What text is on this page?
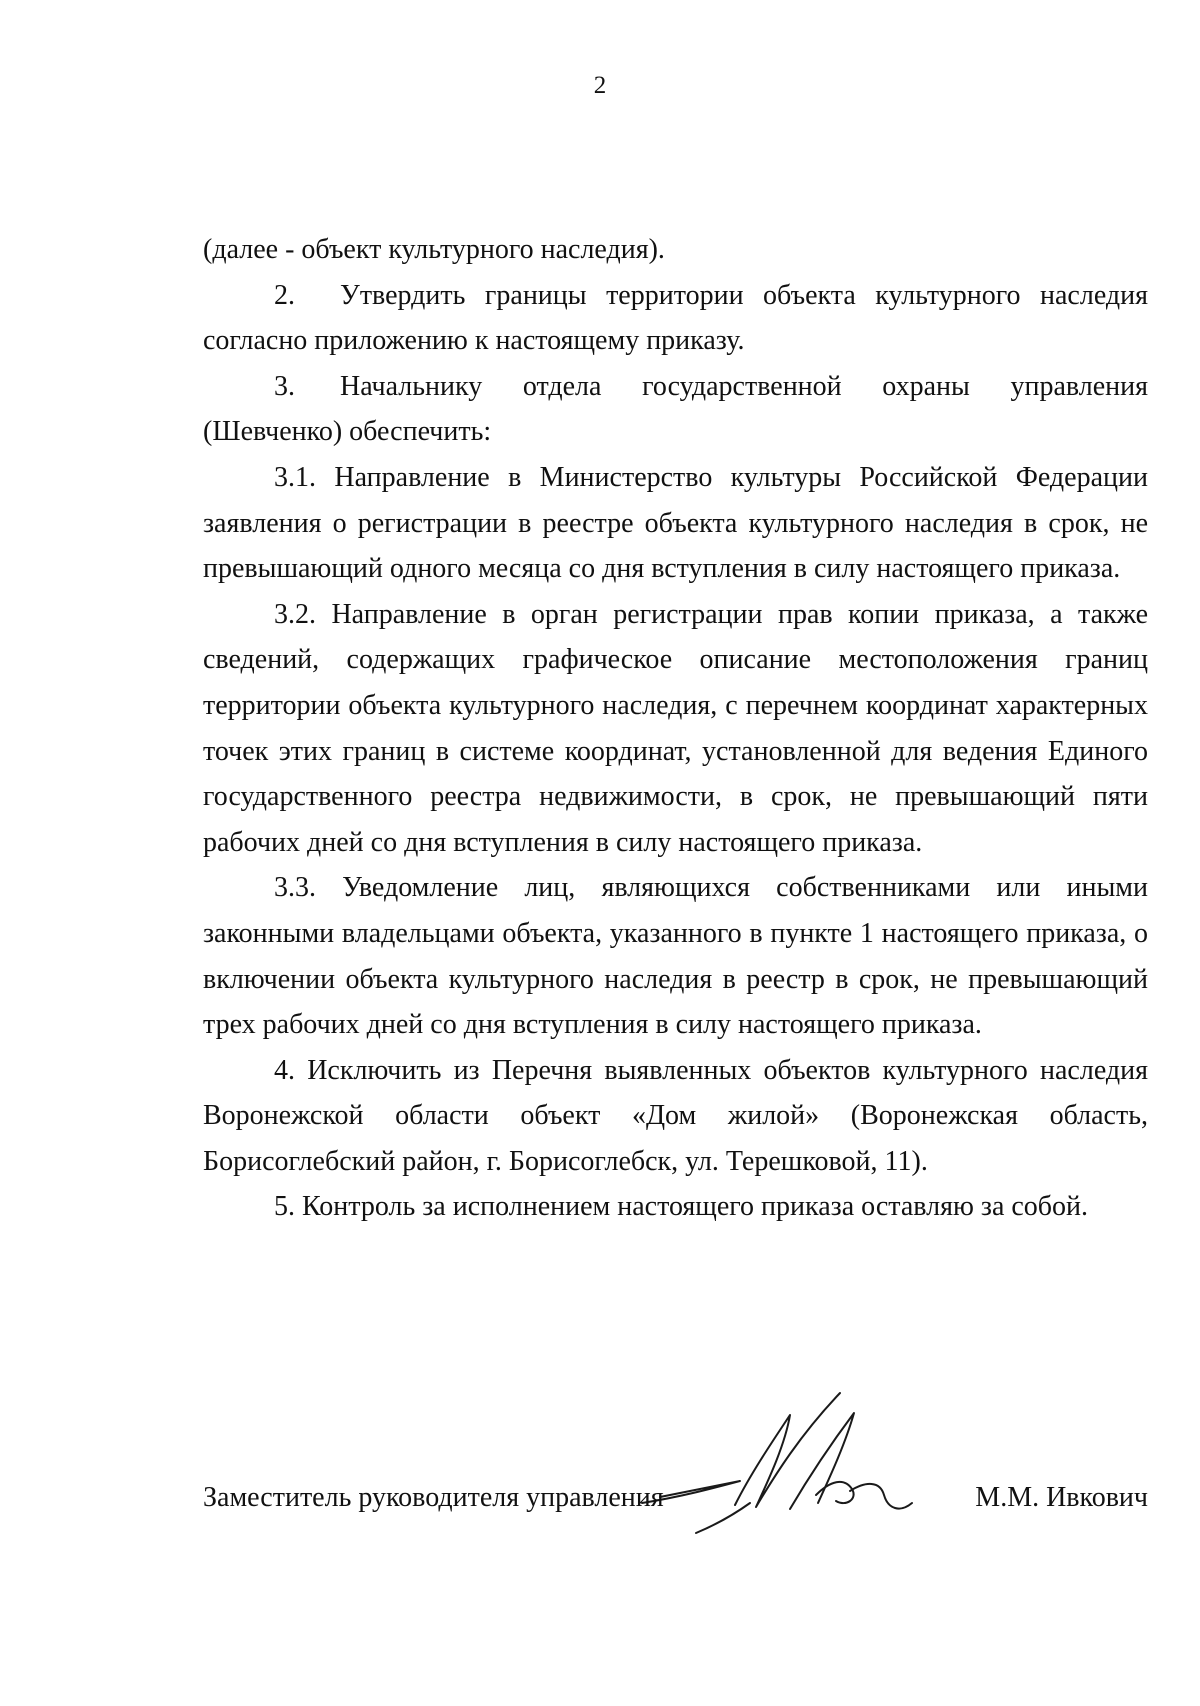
2

(далее - объект культурного наследия).

2. Утвердить границы территории объекта культурного наследия согласно приложению к настоящему приказу.

3. Начальнику отдела государственной охраны управления (Шевченко) обеспечить:

3.1. Направление в Министерство культуры Российской Федерации заявления о регистрации в реестре объекта культурного наследия в срок, не превышающий одного месяца со дня вступления в силу настоящего приказа.

3.2. Направление в орган регистрации прав копии приказа, а также сведений, содержащих графическое описание местоположения границ территории объекта культурного наследия, с перечнем координат характерных точек этих границ в системе координат, установленной для ведения Единого государственного реестра недвижимости, в срок, не превышающий пяти рабочих дней со дня вступления в силу настоящего приказа.

3.3. Уведомление лиц, являющихся собственниками или иными законными владельцами объекта, указанного в пункте 1 настоящего приказа, о включении объекта культурного наследия в реестр в срок, не превышающий трех рабочих дней со дня вступления в силу настоящего приказа.

4. Исключить из Перечня выявленных объектов культурного наследия Воронежской области объект «Дом жилой» (Воронежская область, Борисоглебский район, г. Борисоглебск, ул. Терешковой, 11).

5. Контроль за исполнением настоящего приказа оставляю за собой.

Заместитель руководителя управления	М.М. Ивкович
